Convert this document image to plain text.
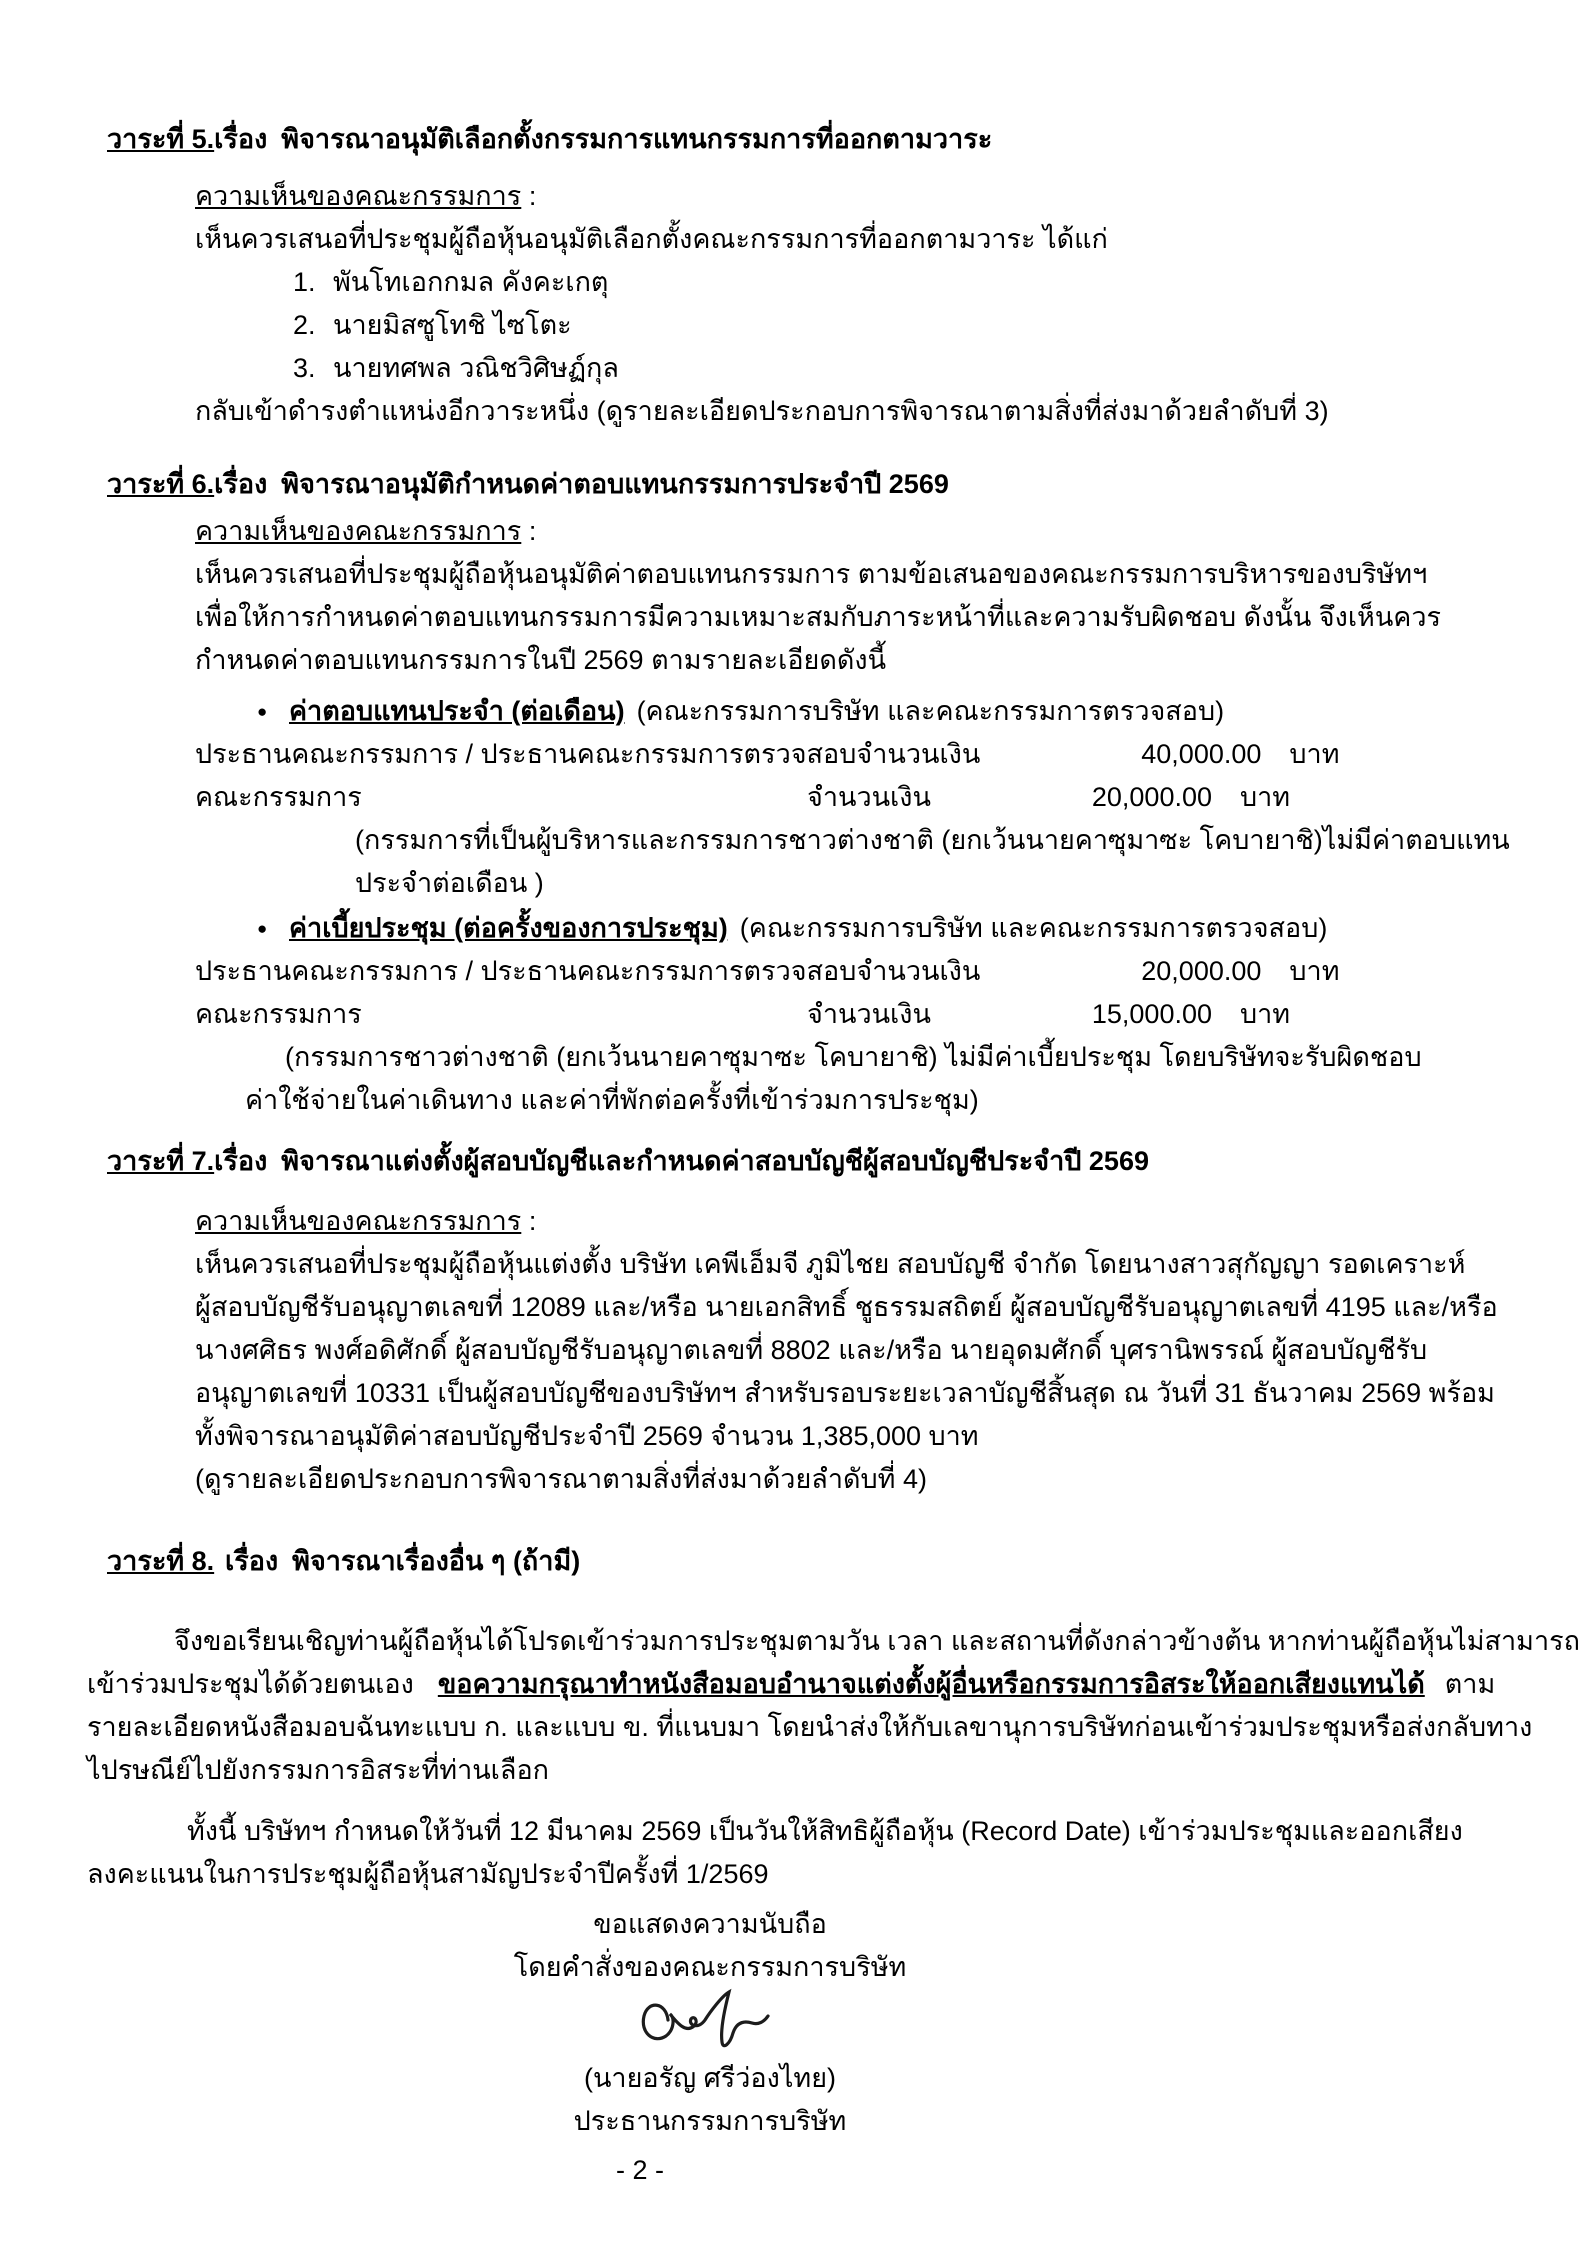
วาระที่ 5. เรื่อง พิจารณาอนุมัติเลือกตั้งกรรมการแทนกรรมการที่ออกตามวาระ
ความเห็นของคณะกรรมการ :
เห็นควรเสนอที่ประชุมผู้ถือหุ้นอนุมัติเลือกตั้งคณะกรรมการที่ออกตามวาระ ได้แก่
1. พันโทเอกกมล คังคะเกตุ
2. นายมิสซูโทชิ ไซโตะ
3. นายทศพล วณิชวิศิษฏ์กุล
กลับเข้าดำรงตำแหน่งอีกวาระหนึ่ง (ดูรายละเอียดประกอบการพิจารณาตามสิ่งที่ส่งมาด้วยลำดับที่ 3)
วาระที่ 6. เรื่อง พิจารณาอนุมัติกำหนดค่าตอบแทนกรรมการประจำปี 2569
ความเห็นของคณะกรรมการ :
เห็นควรเสนอที่ประชุมผู้ถือหุ้นอนุมัติค่าตอบแทนกรรมการ ตามข้อเสนอของคณะกรรมการบริหารของบริษัทฯ
เพื่อให้การกำหนดค่าตอบแทนกรรมการมีความเหมาะสมกับภาระหน้าที่และความรับผิดชอบ ดังนั้น จึงเห็นควร
กำหนดค่าตอบแทนกรรมการในปี 2569 ตามรายละเอียดดังนี้
● ค่าตอบแทนประจำ (ต่อเดือน) (คณะกรรมการบริษัท และคณะกรรมการตรวจสอบ)
ประธานคณะกรรมการ / ประธานคณะกรรมการตรวจสอบ จำนวนเงิน	40,000.00 บาท
คณะกรรมการ	จำนวนเงิน	20,000.00 บาท
(กรรมการที่เป็นผู้บริหารและกรรมการชาวต่างชาติ (ยกเว้นนายคาซุมาซะ โคบายาชิ)ไม่มีค่าตอบแทน
ประจำต่อเดือน )
● ค่าเบี้ยประชุม (ต่อครั้งของการประชุม) (คณะกรรมการบริษัท และคณะกรรมการตรวจสอบ)
ประธานคณะกรรมการ / ประธานคณะกรรมการตรวจสอบ จำนวนเงิน	20,000.00 บาท
คณะกรรมการ	จำนวนเงิน	15,000.00 บาท
(กรรมการชาวต่างชาติ (ยกเว้นนายคาซุมาซะ โคบายาชิ) ไม่มีค่าเบี้ยประชุม โดยบริษัทจะรับผิดชอบ
ค่าใช้จ่ายในค่าเดินทาง และค่าที่พักต่อครั้งที่เข้าร่วมการประชุม)
วาระที่ 7. เรื่อง พิจารณาแต่งตั้งผู้สอบบัญชีและกำหนดค่าสอบบัญชีผู้สอบบัญชีประจำปี 2569
ความเห็นของคณะกรรมการ :
เห็นควรเสนอที่ประชุมผู้ถือหุ้นแต่งตั้ง บริษัท เคพีเอ็มจี ภูมิไชย สอบบัญชี จำกัด โดยนางสาวสุกัญญา รอดเคราะห์
ผู้สอบบัญชีรับอนุญาตเลขที่ 12089 และ/หรือ นายเอกสิทธิ์ ชูธรรมสถิตย์ ผู้สอบบัญชีรับอนุญาตเลขที่ 4195 และ/หรือ
นางศศิธร พงศ์อดิศักดิ์ ผู้สอบบัญชีรับอนุญาตเลขที่ 8802 และ/หรือ นายอุดมศักดิ์ บุศรานิพรรณ์ ผู้สอบบัญชีรับ
อนุญาตเลขที่ 10331 เป็นผู้สอบบัญชีของบริษัทฯ สำหรับรอบระยะเวลาบัญชีสิ้นสุด ณ วันที่ 31 ธันวาคม 2569 พร้อม
ทั้งพิจารณาอนุมัติค่าสอบบัญชีประจำปี 2569 จำนวน 1,385,000 บาท
(ดูรายละเอียดประกอบการพิจารณาตามสิ่งที่ส่งมาด้วยลำดับที่ 4)
วาระที่ 8. เรื่อง พิจารณาเรื่องอื่น ๆ (ถ้ามี)
จึงขอเรียนเชิญท่านผู้ถือหุ้นได้โปรดเข้าร่วมการประชุมตามวัน เวลา และสถานที่ดังกล่าวข้างต้น หากท่านผู้ถือหุ้นไม่สามารถ
เข้าร่วมประชุมได้ด้วยตนเอง ขอความกรุณาทำหนังสือมอบอำนาจแต่งตั้งผู้อื่นหรือกรรมการอิสระให้ออกเสียงแทนได้ ตาม
รายละเอียดหนังสือมอบฉันทะแบบ ก. และแบบ ข. ที่แนบมา โดยนำส่งให้กับเลขานุการบริษัทก่อนเข้าร่วมประชุมหรือส่งกลับทาง
ไปรษณีย์ไปยังกรรมการอิสระที่ท่านเลือก
ทั้งนี้ บริษัทฯ กำหนดให้วันที่ 12 มีนาคม 2569 เป็นวันให้สิทธิผู้ถือหุ้น (Record Date) เข้าร่วมประชุมและออกเสียง
ลงคะแนนในการประชุมผู้ถือหุ้นสามัญประจำปีครั้งที่ 1/2569
ขอแสดงความนับถือ
โดยคำสั่งของคณะกรรมการบริษัท
(นายอรัญ ศรีว่องไทย)
ประธานกรรมการบริษัท
- 2 -
